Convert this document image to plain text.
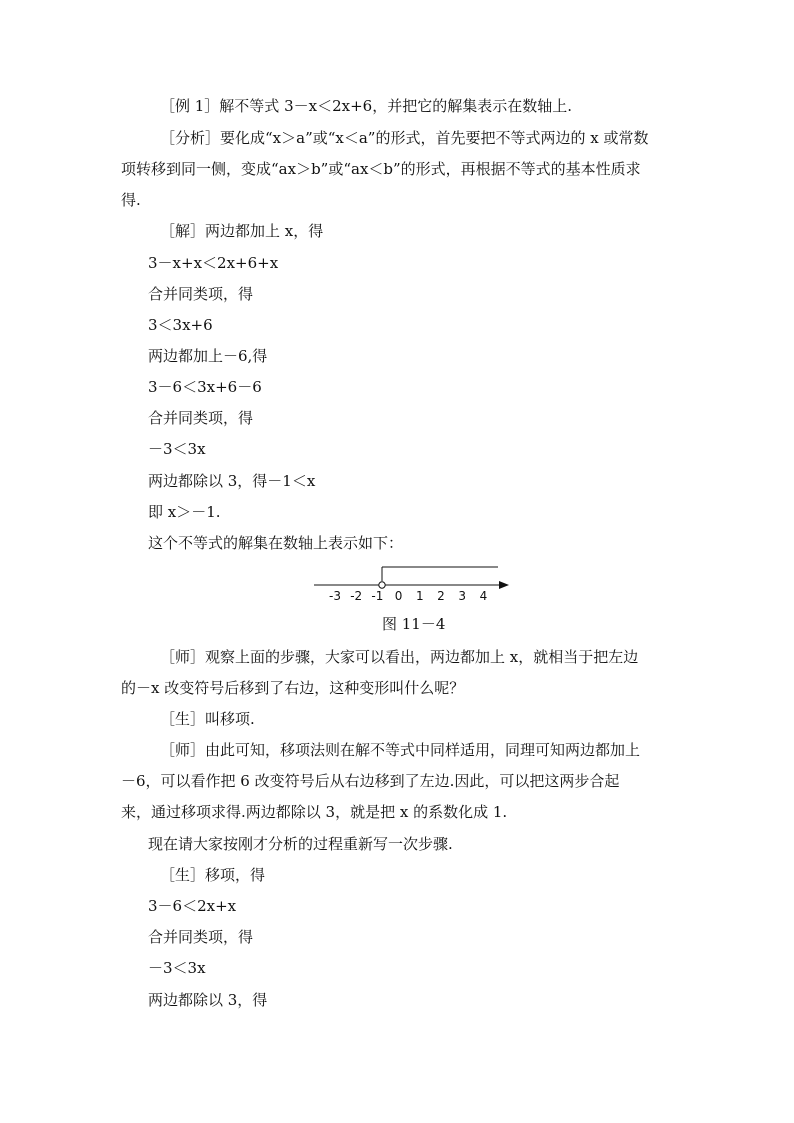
［例 1］解不等式 3－x＜2x+6，并把它的解集表示在数轴上.
［分析］要化成“x＞a”或“x＜a”的形式，首先要把不等式两边的 x 或常数
项转移到同一侧，变成“ax＞b”或“ax＜b”的形式，再根据不等式的基本性质求
得.
［解］两边都加上 x，得
3－x+x＜2x+6+x
合并同类项，得
3＜3x+6
两边都加上－6,得
3－6＜3x+6－6
合并同类项，得
－3＜3x
两边都除以 3，得－1＜x
即 x＞－1.
这个不等式的解集在数轴上表示如下：
-3 -2 -1 0 1 2 3 4
图 11－4
［师］观察上面的步骤，大家可以看出，两边都加上 x，就相当于把左边
的－x 改变符号后移到了右边，这种变形叫什么呢？
［生］叫移项.
［师］由此可知，移项法则在解不等式中同样适用，同理可知两边都加上
－6，可以看作把 6 改变符号后从右边移到了左边.因此，可以把这两步合起
来，通过移项求得.两边都除以 3，就是把 x 的系数化成 1.
现在请大家按刚才分析的过程重新写一次步骤.
［生］移项，得
3－6＜2x+x
合并同类项，得
－3＜3x
两边都除以 3，得
